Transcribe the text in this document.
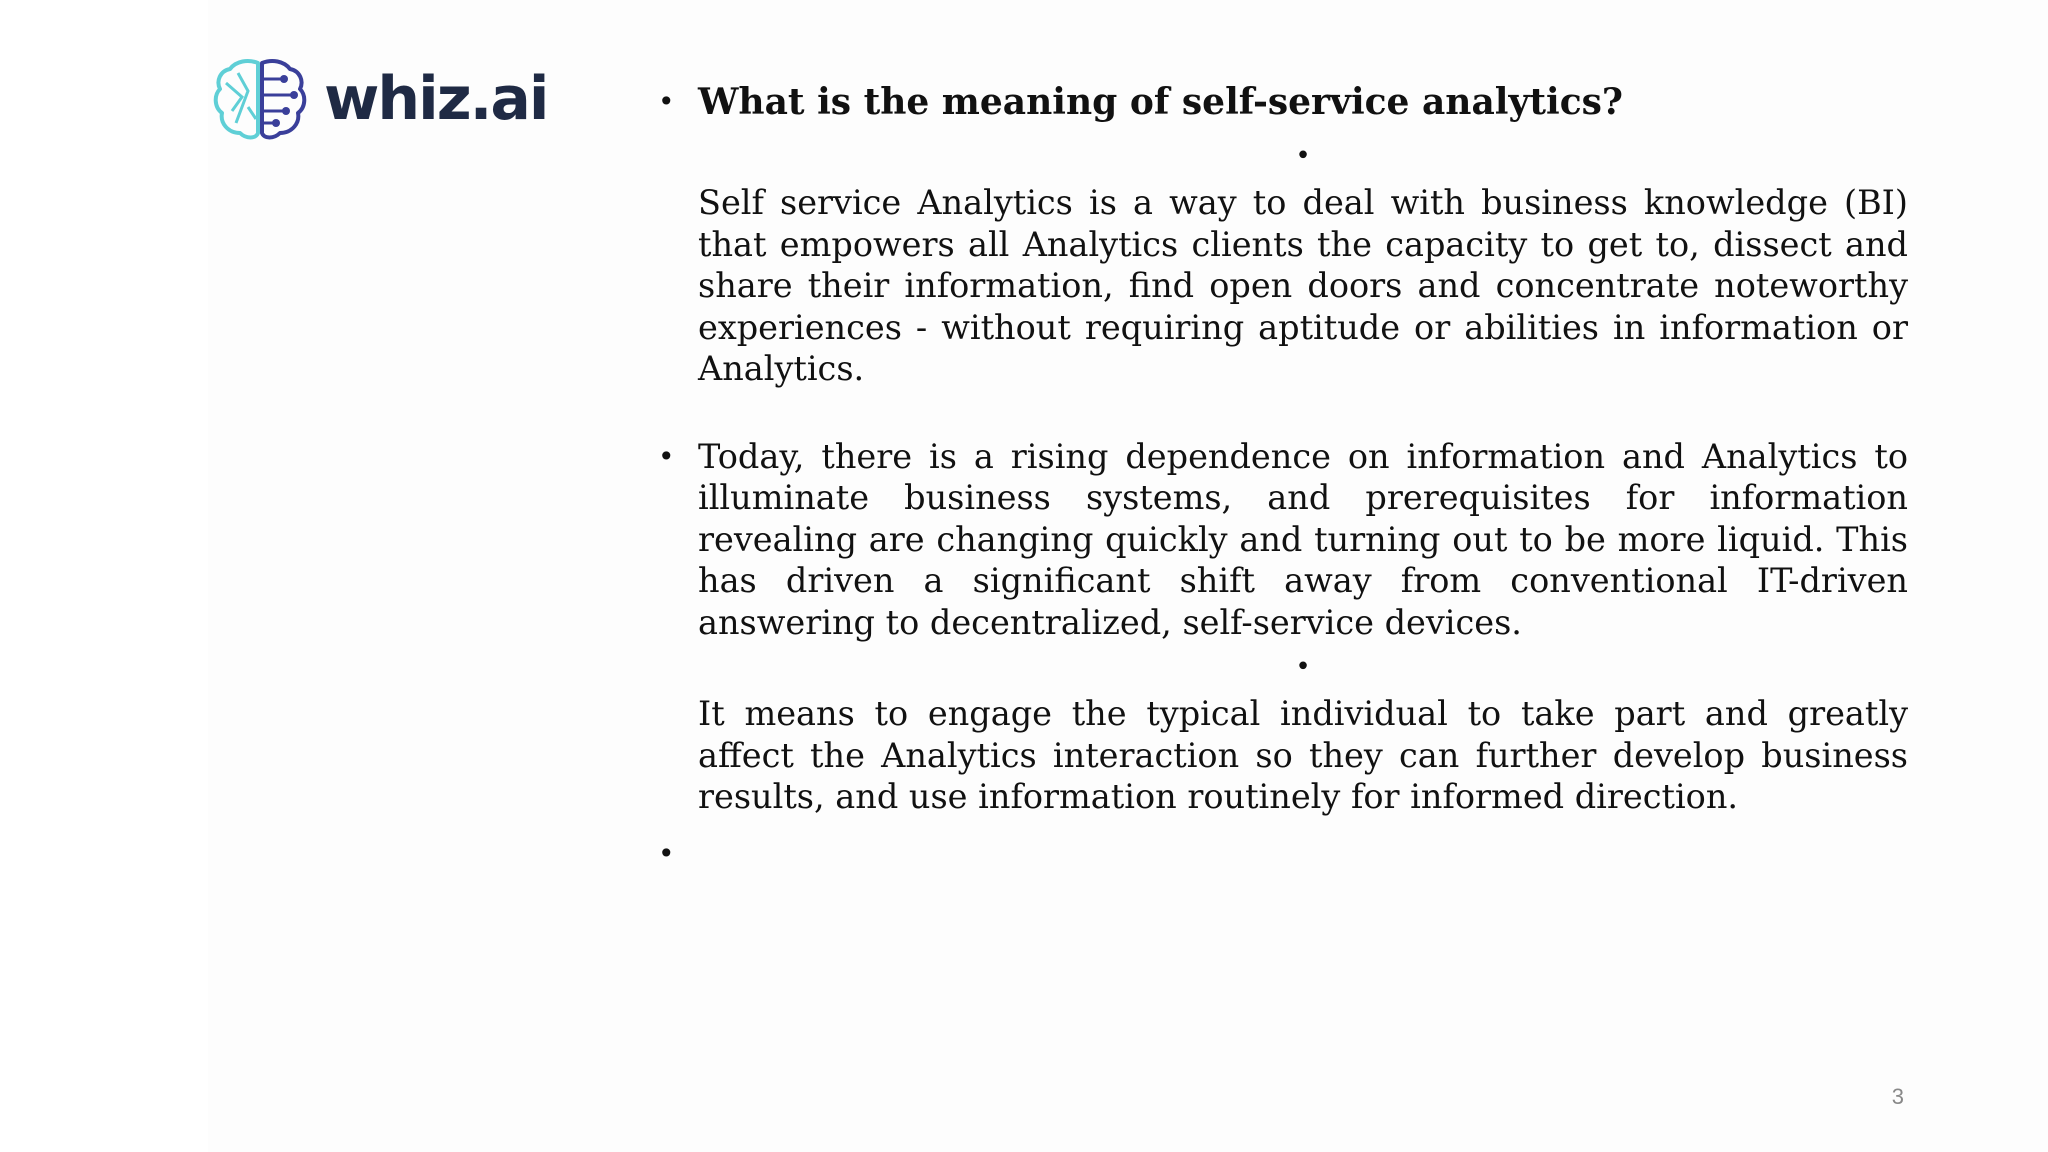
whiz.ai	• What is the meaning of self-service analytics?
•
Self service Analytics is a way to deal with business knowledge (BI) that empowers all Analytics clients the capacity to get to, dissect and share their information, find open doors and concentrate noteworthy experiences - without requiring aptitude or abilities in information or Analytics.
• Today, there is a rising dependence on information and Analytics to illuminate business systems, and prerequisites for information revealing are changing quickly and turning out to be more liquid. This has driven a significant shift away from conventional IT-driven answering to decentralized, self-service devices.
•
It means to engage the typical individual to take part and greatly affect the Analytics interaction so they can further develop business results, and use information routinely for informed direction.
•
3
